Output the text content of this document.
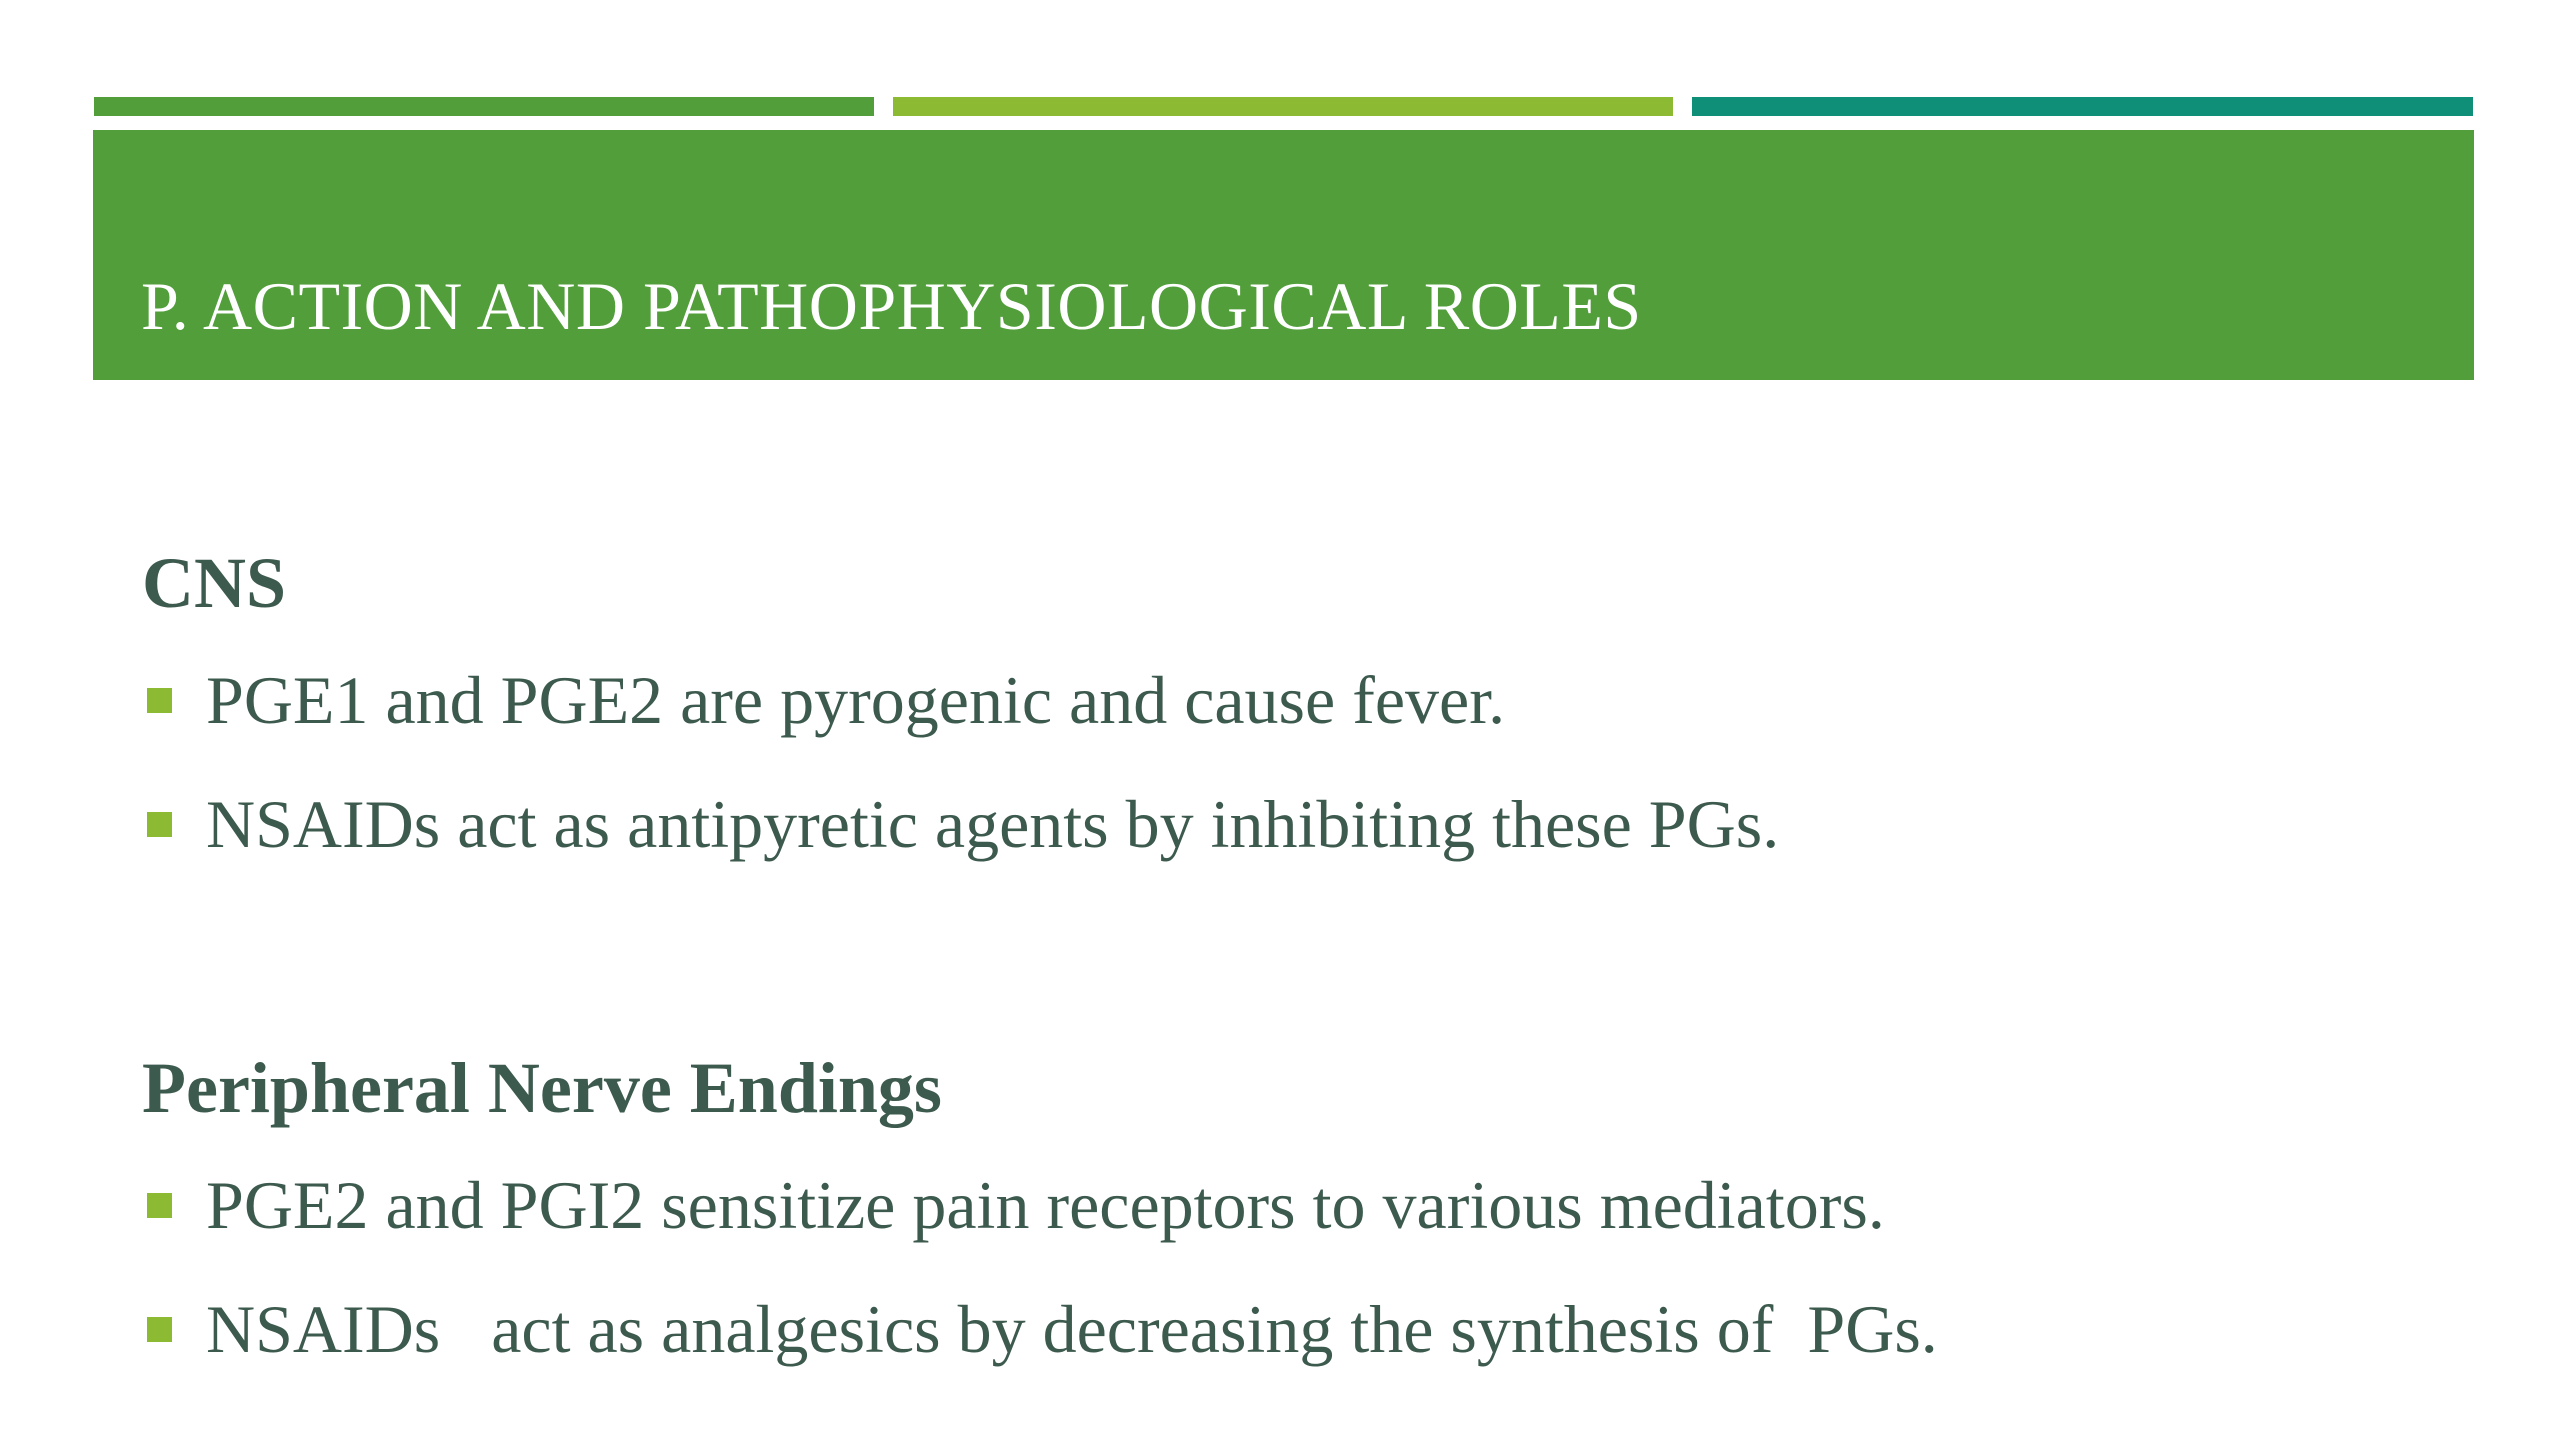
P. ACTION AND PATHOPHYSIOLOGICAL ROLES
CNS
PGE1 and PGE2 are pyrogenic and cause fever.
NSAIDs act as antipyretic agents by inhibiting these PGs.
Peripheral Nerve Endings
PGE2 and PGI2 sensitize pain receptors to various mediators.
NSAIDs   act as analgesics by decreasing the synthesis of  PGs.
